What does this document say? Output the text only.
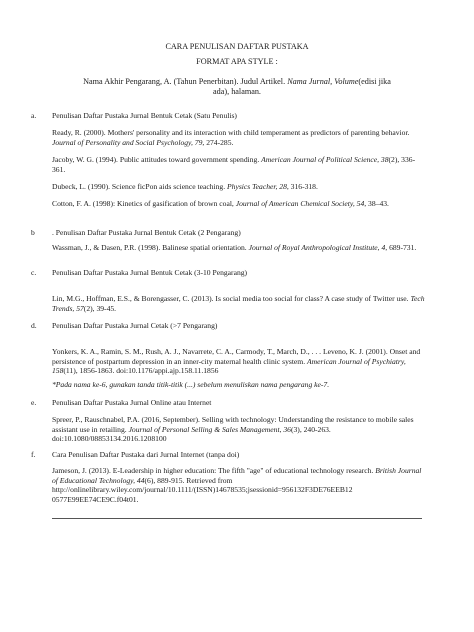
CARA PENULISAN DAFTAR PUSTAKA
FORMAT APA STYLE :
Nama Akhir Pengarang, A. (Tahun Penerbitan). Judul Artikel. Nama Jurnal, Volume(edisi jika
ada), halaman.
a. Penulisan Daftar Pustaka Jurnal Bentuk Cetak (Satu Penulis)
Ready, R. (2000). Mothers' personality and its interaction with child temperament as predictors of parenting behavior. Journal of Personality and Social Psychology, 79, 274-285.
Jacoby, W. G. (1994). Public attitudes toward government spending. American Journal of Political Science, 38(2), 336-361.
Dubeck, L. (1990). Science ficPon aids science teaching. Physics Teacher, 28, 316-318.
Cotton, F. A. (1998): Kinetics of gasification of brown coal, Journal of American Chemical Society, 54, 38–43.
b . Penulisan Daftar Pustaka Jurnal Bentuk Cetak (2 Pengarang)
Wassman, J., & Dasen, P.R. (1998). Balinese spatial orientation. Journal of Royal Anthropological Institute, 4, 689-731.
c. Penulisan Daftar Pustaka Jurnal Bentuk Cetak (3-10 Pengarang)
Lin, M.G., Hoffman, E.S., & Borengasser, C. (2013). Is social media too social for class? A case study of Twitter use. Tech Trends, 57(2), 39-45.
d. Penulisan Daftar Pustaka Jurnal Cetak (>7 Pengarang)
Yonkers, K. A., Ramin, S. M., Rush, A. J., Navarrete, C. A., Carmody, T., March, D., . . . Leveno, K. J. (2001). Onset and persistence of postpartum depression in an inner-city maternal health clinic system. American Journal of Psychiatry, 158(11), 1856-1863. doi:10.1176/appi.ajp.158.11.1856
*Pada nama ke-6, gunakan tanda titik-titik (...) sebelum menuliskan nama pengarang ke-7.
e. Penulisan Daftar Pustaka Jurnal Online atau Internet
Spreer, P., Rauschnabel, P.A. (2016, September). Selling with technology: Understanding the resistance to mobile sales assistant use in retailing. Journal of Personal Selling & Sales Management, 36(3), 240-263. doi:10.1080/08853134.2016.1208100
f. Cara Penulisan Daftar Pustaka dari Jurnal Internet (tanpa doi)
Jameson, J. (2013). E-Leadership in higher education: The fifth "age" of educational technology research. British Journal of Educational Technology, 44(6), 889-915. Retrieved from http://onlinelibrary.wiley.com/journal/10.1111/(ISSN)14678535;jsessionid=956132F3DE76EEB12 0577E99EE74CE9C.f04t01.
